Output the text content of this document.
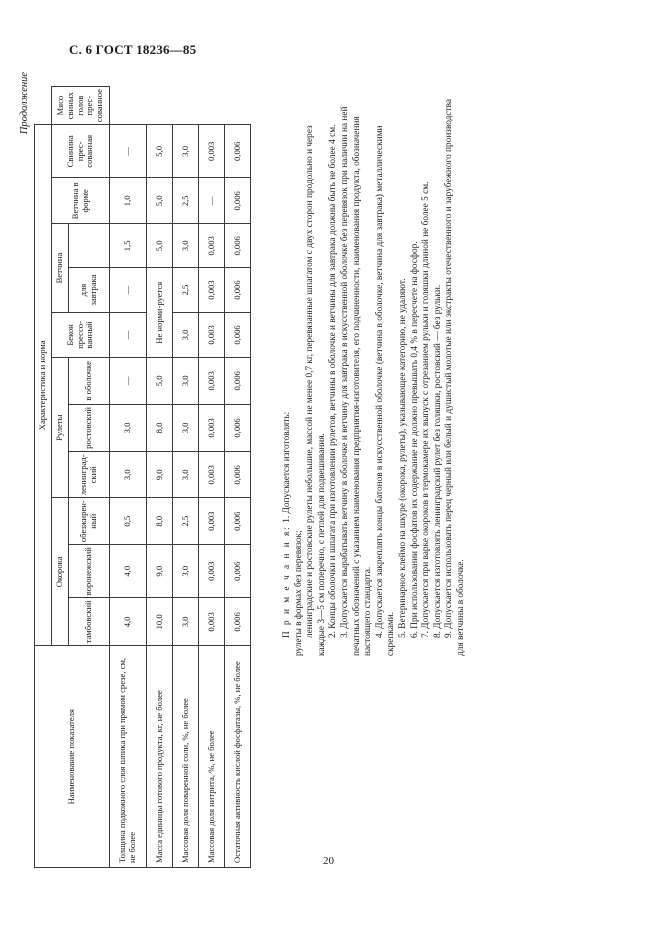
С. 6 ГОСТ 18236—85
Продолжение
Наименование показателя	Характеристика и норма											
	Окорока			Рулеты			Бекон прессо-ванный	Ветчина		Ветчина в форме	Свинина прес-сованная	Мясо свиных голов прес-сованное
	тамбовский	воронежский	обезжирен-ный	ленинград-ский	ростовский	в оболочке		для завтрака				
Толщина подкожного слоя шпика при прямом срезе, см, не более	4,0	4,0	0,5	3,0	3,0	—	—	—	1,5	1,0	—	
Масса единицы готового продукта, кг, не более	10,0	9,0	8,0	9,0	8,0	5,0	Не норми-руется		5,0	5,0	5,0	
Массовая доля поваренной соли, %, не более	3,0	3,0	2,5	3,0	3,0	3,0	3,0	2,5	3,0	2,5	3,0	
Массовая доля нитрита, %, не более	0,003	0,003	0,003	0,003	0,003	0,003	0,003	0,003	0,003	—	0,003	
Остаточная активность кислой фосфатазы, %, не более	0,006	0,006	0,006	0,006	0,006	0,006	0,006	0,006	0,006	0,006	0,006	

П р и м е ч а н и я: 1. Допускается изготовлять:

рулеты в формах без перевязок; ленинградские и ростовские рулеты небольшие, массой не менее 0,7 кг, перевязанные шпагатом с двух сторон продольно и через каждые 3—5 см поперечно, с петлей для подвешивания. 2. Концы оболочки и шпагата при изготовлении рулетов, ветчины в оболочке и ветчины для завтрака должны быть не более 4 см. 3. Допускается вырабатывать ветчину в оболочке и ветчину для завтрака в искусственной оболочке без перевязок при наличии на ней печатных обозначений с указанием наименования предприятия-изготовителя, его подчиненности, наименования продукта, обозначения настоящего стандарта. 4. Допускается закреплять концы батонов в искусственной оболочке (ветчина в оболочке, ветчина для завтрака) металлическими скрепками. 5. Ветеринарное клеймо на шкуре (окорока, рулеты), указывающее категорию, не удаляют. 6. При использовании фосфатов их содержание не должно превышать 0,4 % в пересчете на фосфор. 7. Допускается при варке окороков в термокамере их выпуск с отрезанием рульки и голяшки длиной не более 5 см. 8. Допускается изготовлять ленинградский рулет без голяшки, ростовский — без рульки. 9. Допускается использовать перец черный или белый и душистый молотые или экстракты отечественного и зарубежного производства для ветчины в оболочке.

20
